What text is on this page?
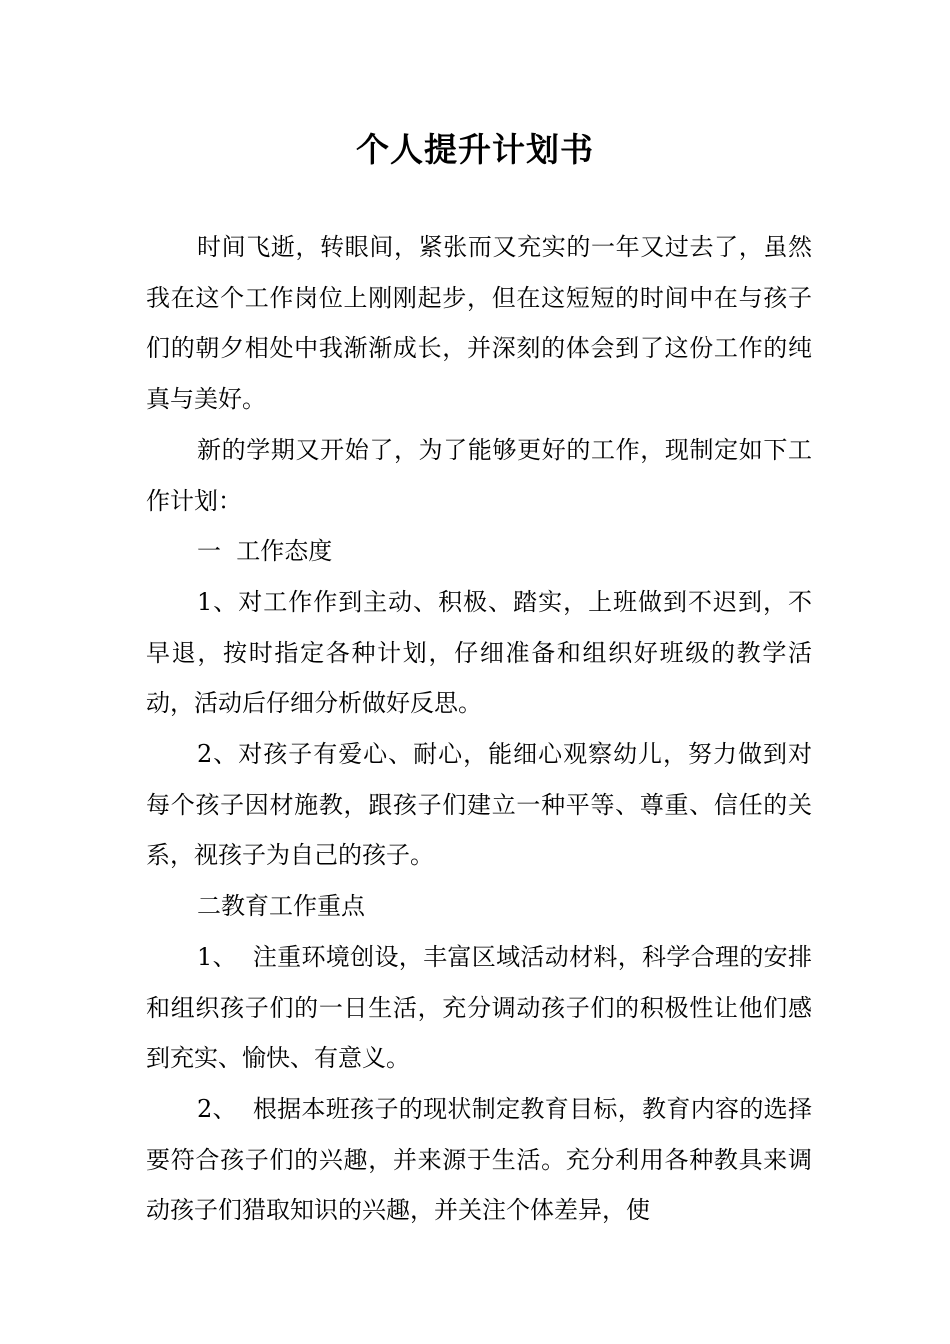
个人提升计划书

时间飞逝，转眼间，紧张而又充实的一年又过去了，虽然我在这个工作岗位上刚刚起步，但在这短短的时间中在与孩子们的朝夕相处中我渐渐成长，并深刻的体会到了这份工作的纯真与美好。

新的学期又开始了，为了能够更好的工作，现制定如下工作计划：

一  工作态度

1、对工作作到主动、积极、踏实，上班做到不迟到，不早退，按时指定各种计划，仔细准备和组织好班级的教学活动，活动后仔细分析做好反思。

2、对孩子有爱心、耐心，能细心观察幼儿，努力做到对每个孩子因材施教，跟孩子们建立一种平等、尊重、信任的关系，视孩子为自己的孩子。

二教育工作重点

1、  注重环境创设，丰富区域活动材料，科学合理的安排和组织孩子们的一日生活，充分调动孩子们的积极性让他们感到充实、愉快、有意义。

2、  根据本班孩子的现状制定教育目标，教育内容的选择要符合孩子们的兴趣，并来源于生活。充分利用各种教具来调动孩子们猎取知识的兴趣，并关注个体差异，使
